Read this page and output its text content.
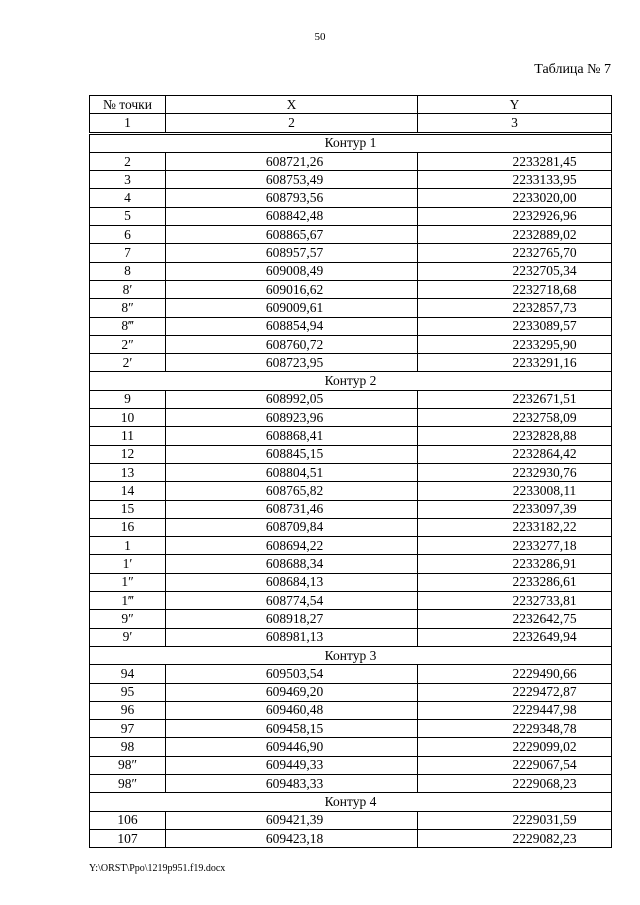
50
Таблица № 7
№ точки	X	Y
1	2	3
Контур 1		
2	608721,26	2233281,45
3	608753,49	2233133,95
4	608793,56	2233020,00
5	608842,48	2232926,96
6	608865,67	2232889,02
7	608957,57	2232765,70
8	609008,49	2232705,34
8′	609016,62	2232718,68
8″	609009,61	2232857,73
8‴	608854,94	2233089,57
2″	608760,72	2233295,90
2′	608723,95	2233291,16
Контур 2		
9	608992,05	2232671,51
10	608923,96	2232758,09
11	608868,41	2232828,88
12	608845,15	2232864,42
13	608804,51	2232930,76
14	608765,82	2233008,11
15	608731,46	2233097,39
16	608709,84	2233182,22
1	608694,22	2233277,18
1′	608688,34	2233286,91
1″	608684,13	2233286,61
1‴	608774,54	2232733,81
9″	608918,27	2232642,75
9′	608981,13	2232649,94
Контур 3		
94	609503,54	2229490,66
95	609469,20	2229472,87
96	609460,48	2229447,98
97	609458,15	2229348,78
98	609446,90	2229099,02
98″	609449,33	2229067,54
98″	609483,33	2229068,23
Контур 4		
106	609421,39	2229031,59
107	609423,18	2229082,23
Y:\ORST\Ppo\1219p951.f19.docx
